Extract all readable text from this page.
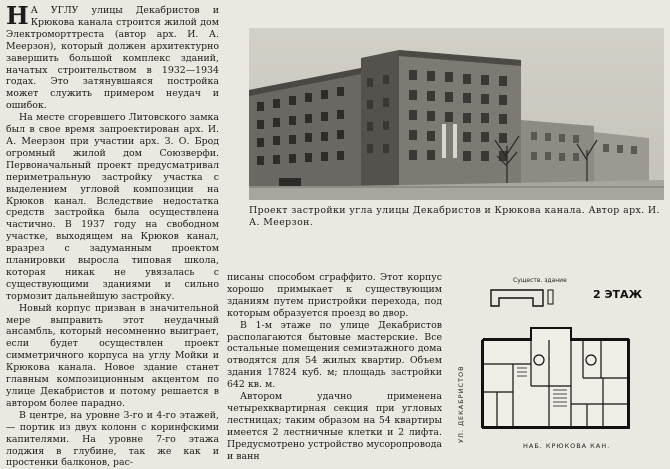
Н А УГЛУ улицы Декабристов и Крюкова канала строится жилой дом Электроморттреста (автор арх. И. А. Меерзон), который должен архитектурно завершить большой комплекс зданий, начатых строительством в 1932—1934 годах. Это затянувшаяся постройка может служить примером неудач и ошибок.

На месте сгоревшего Литовского замка был в свое время запроектирован арх. И. А. Меерзон при участии арх. З. О. Брод огромный жилой дом Союзверфи. Первоначальный проект предусматривал периметральную застройку участка с выделением угловой композиции на Крюков канал. Вследствие недостатка средств застройка была осуществлена частично. В 1937 году на свободном участке, выходящем на Крюков канал, вразрез с задуманным проектом планировки выросла типовая школа, которая никак не увязалась с существующими зданиями и сильно тормозит дальнейшую застройку.

Новый корпус призван в значительной мере выправить этот неудачный ансамбль, который несомненно выиграет, если будет осуществлен проект симметричного корпуса на углу Мойки и Крюкова канала. Новое здание станет главным композиционным акцентом по улице Декабристов и потому решается в автором более парадно.

В центре, на уровне 3-го и 4-го этажей, — портик из двух колонн с коринфскими капителями. На уровне 7-го этажа лоджия в глубине, так же как и простенки балконов, рас-

Проект застройки угла улицы Декабристов и Крюкова канала. Автор арх. И. А. Меерзон.

писаны способом сграффито. Этот корпус хорошо примыкает к существующим зданиям путем пристройки перехода, под которым образуется проезд во двор.

В 1-м этаже по улице Декабристов располагаются бытовые мастерские. Все остальные помещения семиэтажного дома отводятся для 54 жилых квартир. Объем здания 17824 куб. м; площадь застройки 642 кв. м.

Автором удачно применена четырехквартирная секция при угловых лестницах; таким образом на 54 квартиры имеется 2 лестничные клетки и 2 лифта. Предусмотрено устройство мусоропровода и ванн

Существ. здание
2 ЭТАЖ
НАБ. КРЮКОВА КАН.
УЛ. ДЕКАБРИСТОВ
